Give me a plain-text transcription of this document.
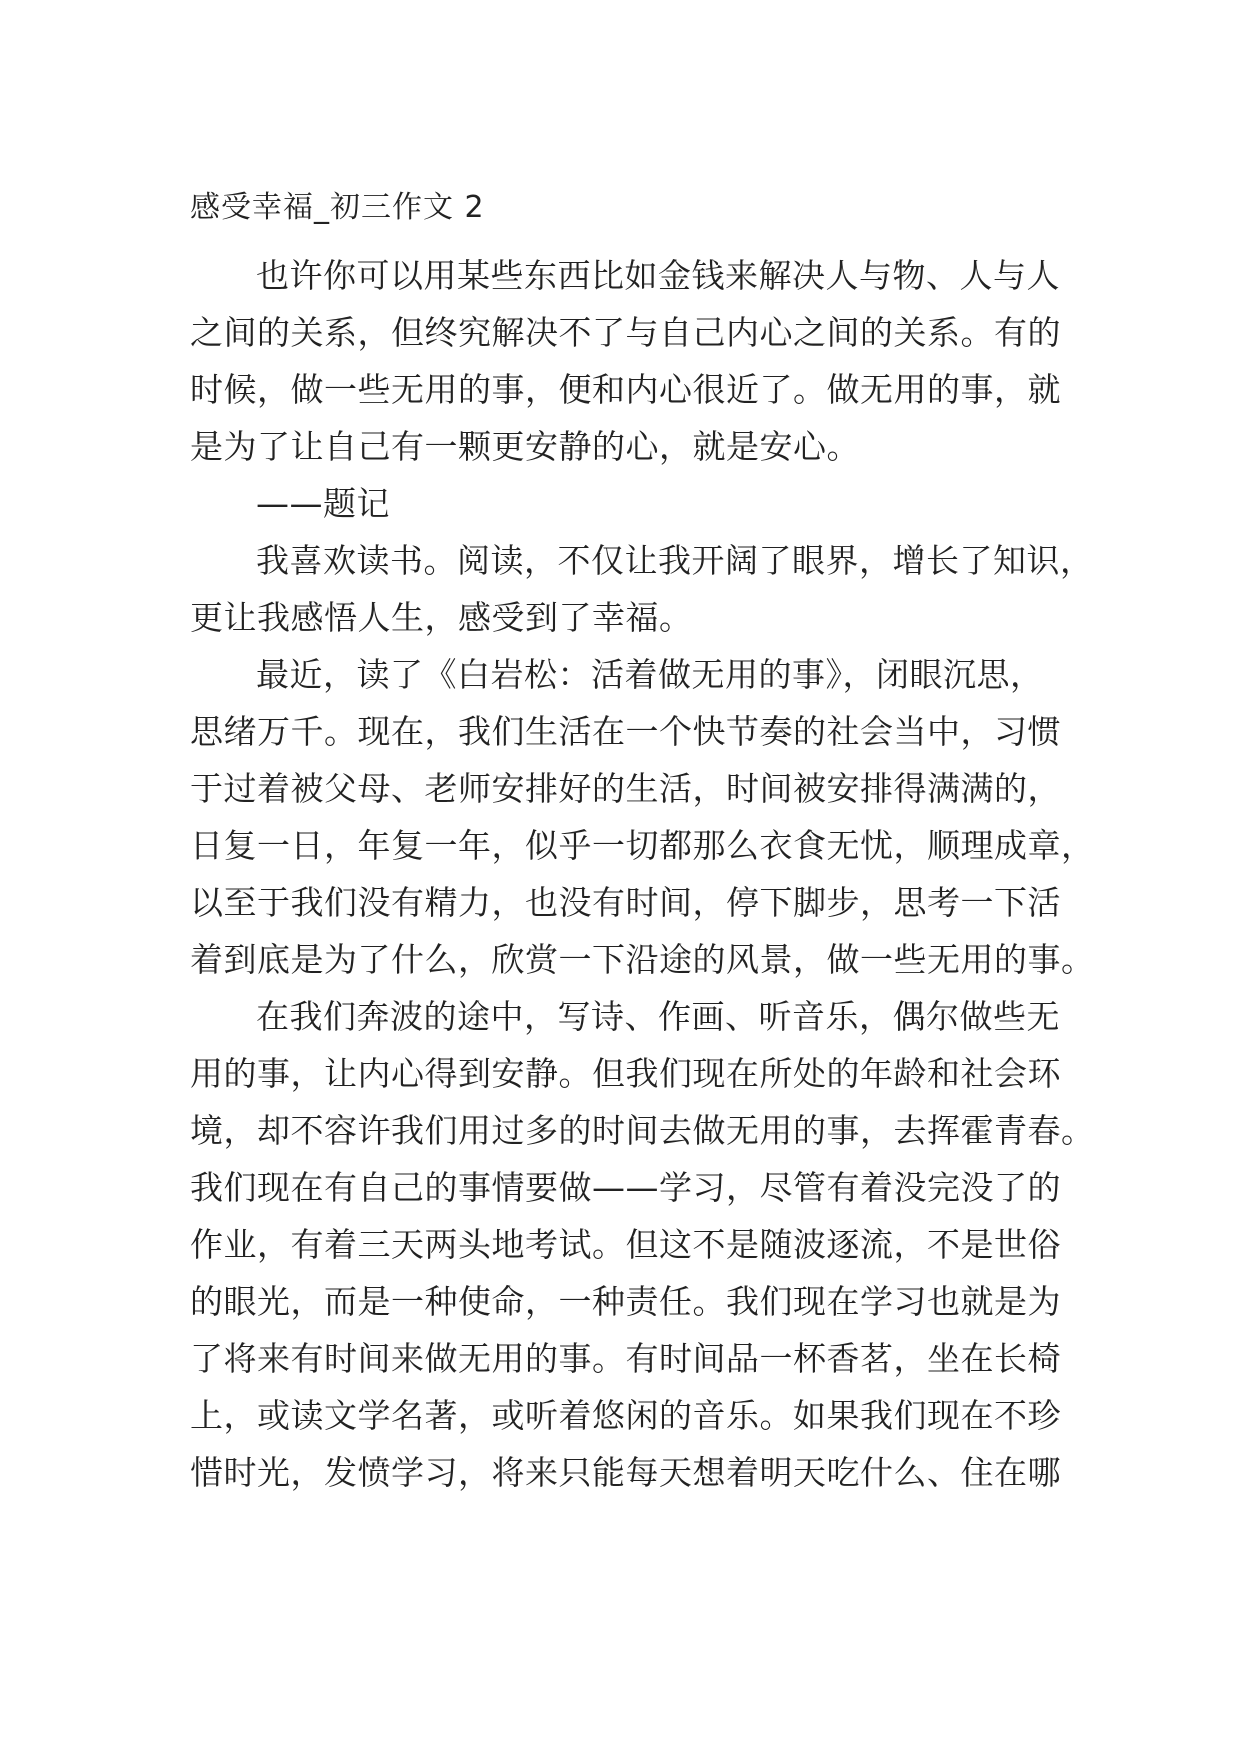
感受幸福_初三作文 2
也许你可以用某些东西比如金钱来解决人与物、人与人
之间的关系，但终究解决不了与自己内心之间的关系。有的
时候，做一些无用的事，便和内心很近了。做无用的事，就
是为了让自己有一颗更安静的心，就是安心。
——题记
我喜欢读书。阅读，不仅让我开阔了眼界，增长了知识，
更让我感悟人生，感受到了幸福。
最近，读了《白岩松：活着做无用的事》，闭眼沉思，
思绪万千。现在，我们生活在一个快节奏的社会当中，习惯
于过着被父母、老师安排好的生活，时间被安排得满满的，
日复一日，年复一年，似乎一切都那么衣食无忧，顺理成章，
以至于我们没有精力，也没有时间，停下脚步，思考一下活
着到底是为了什么，欣赏一下沿途的风景，做一些无用的事。
在我们奔波的途中，写诗、作画、听音乐，偶尔做些无
用的事，让内心得到安静。但我们现在所处的年龄和社会环
境，却不容许我们用过多的时间去做无用的事，去挥霍青春。
我们现在有自己的事情要做——学习，尽管有着没完没了的
作业，有着三天两头地考试。但这不是随波逐流，不是世俗
的眼光，而是一种使命，一种责任。我们现在学习也就是为
了将来有时间来做无用的事。有时间品一杯香茗，坐在长椅
上，或读文学名著，或听着悠闲的音乐。如果我们现在不珍
惜时光，发愤学习，将来只能每天想着明天吃什么、住在哪
